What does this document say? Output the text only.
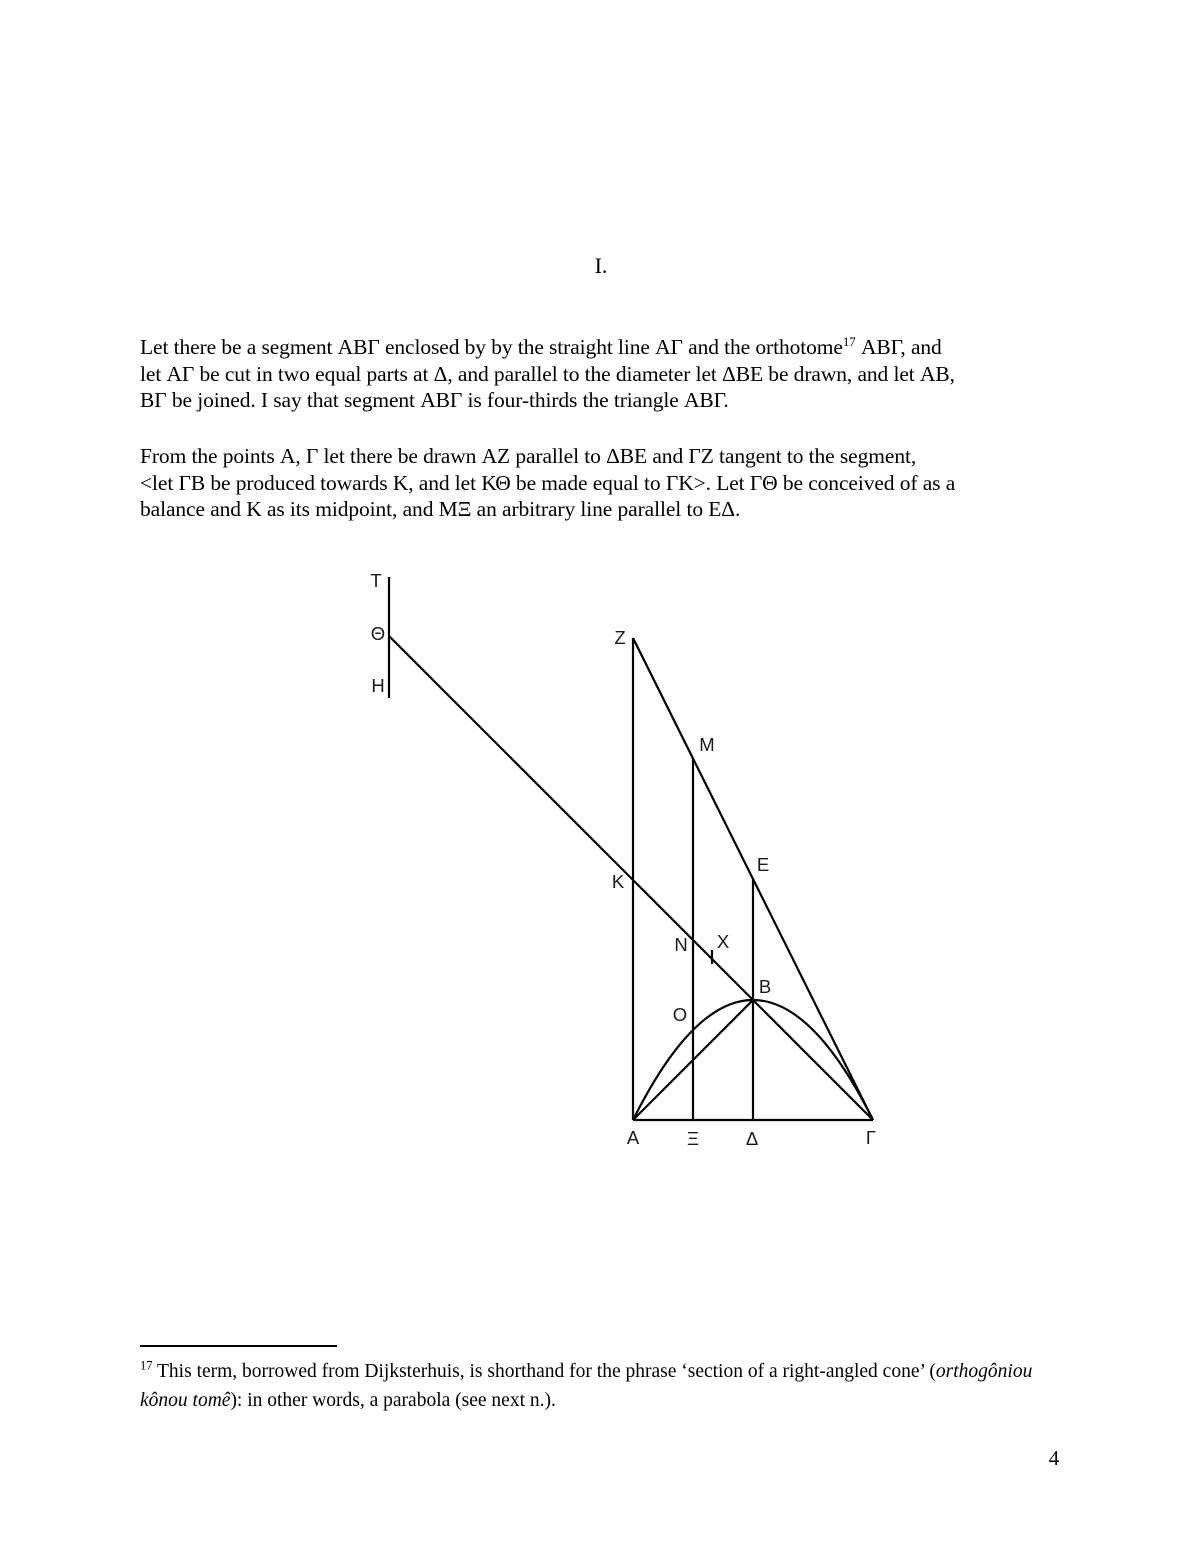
I.
Let there be a segment ΑΒΓ enclosed by by the straight line ΑΓ and the orthotome$^{17}$ ΑΒΓ, and
let ΑΓ be cut in two equal parts at Δ, and parallel to the diameter let ΔΒΕ be drawn, and let ΑΒ,
ΒΓ be joined. I say that segment ΑΒΓ is four-thirds the triangle ΑΒΓ.
From the points Α, Γ let there be drawn ΑΖ parallel to ΔΒΕ and ΓΖ tangent to the segment,
<let ΓΒ be produced towards Κ, and let ΚΘ be made equal to ΓΚ>. Let ΓΘ be conceived of as a
balance and Κ as its midpoint, and ΜΞ an arbitrary line parallel to ΕΔ.
Τ
Θ
Η
Ζ
Μ
Ε
Κ
Ν Χ
Β
Ο
Α	Ξ	Δ	Γ
$^{17}$ This term, borrowed from Dijksterhuis, is shorthand for the phrase ‘section of a right-angled cone’ (orthogôniou
kônou tomê): in other words, a parabola (see next n.).
4
